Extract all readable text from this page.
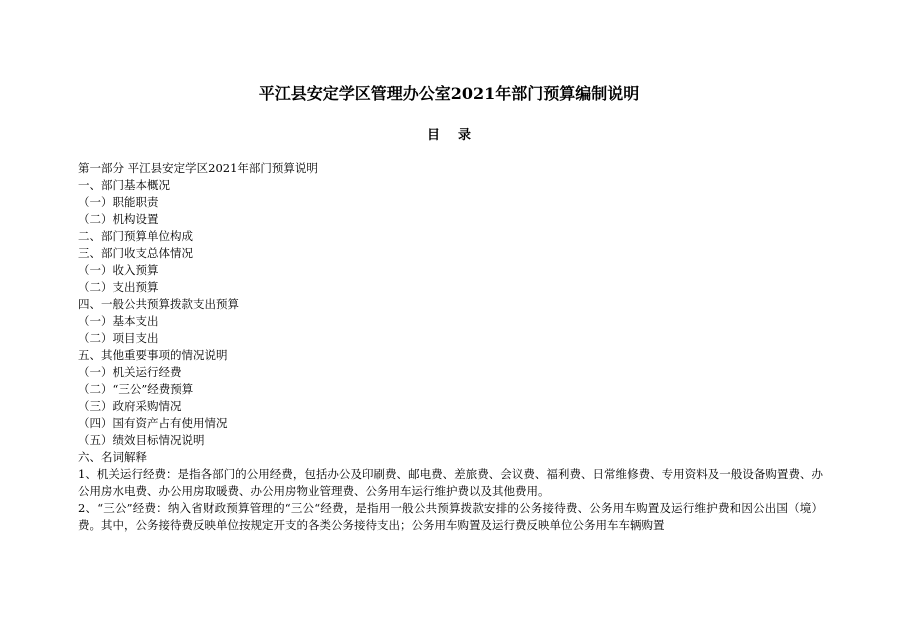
平江县安定学区管理办公室2021年部门预算编制说明
目录
第一部分 平江县安定学区2021年部门预算说明
一、部门基本概况
（一）职能职责
（二）机构设置
二、部门预算单位构成
三、部门收支总体情况
（一）收入预算
（二）支出预算
四、一般公共预算拨款支出预算
（一）基本支出
（二）项目支出
五、其他重要事项的情况说明
（一）机关运行经费
（二）“三公”经费预算
（三）政府采购情况
（四）国有资产占有使用情况
（五）绩效目标情况说明
六、名词解释

1、机关运行经费：是指各部门的公用经费，包括办公及印刷费、邮电费、差旅费、会议费、福利费、日常维修费、专用资料及一般设备购置费、办公用房水电费、办公用房取暖费、办公用房物业管理费、公务用车运行维护费以及其他费用。

2、“三公”经费：纳入省财政预算管理的“三公“经费，是指用一般公共预算拨款安排的公务接待费、公务用车购置及运行维护费和因公出国（境）费。其中，公务接待费反映单位按规定开支的各类公务接待支出；公务用车购置及运行费反映单位公务用车车辆购置
